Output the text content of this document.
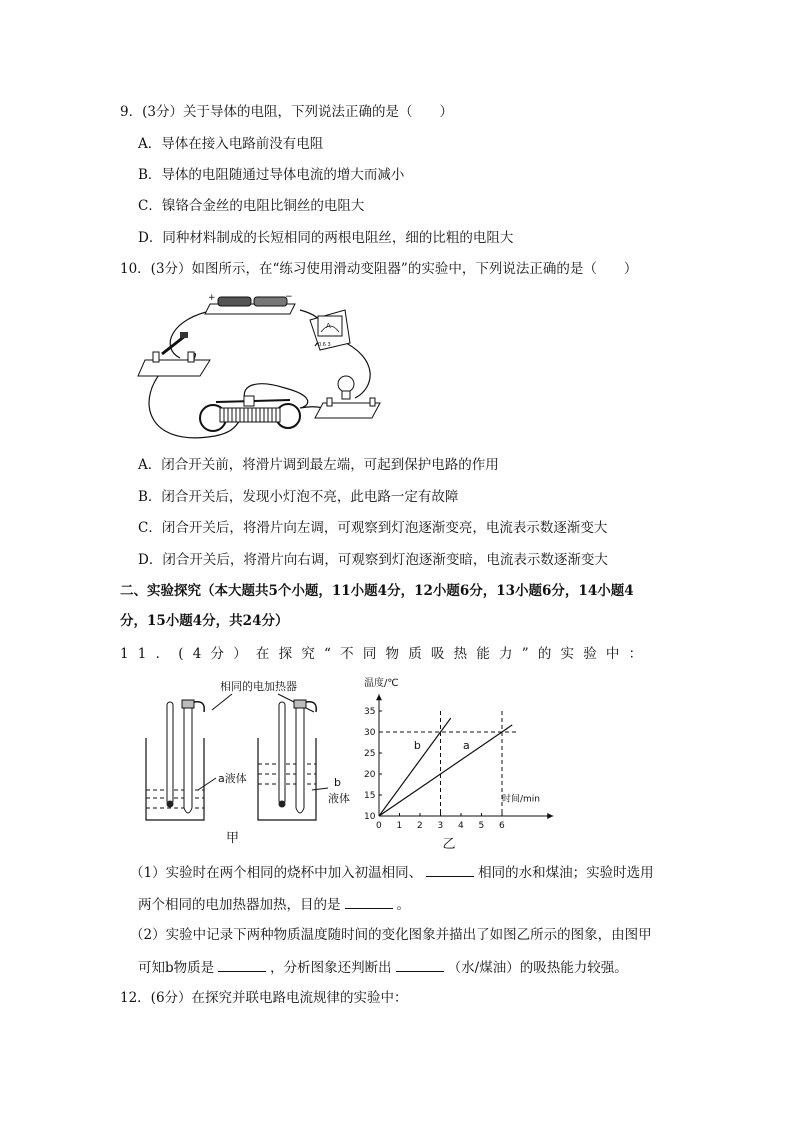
9．(3分）关于导体的电阻，下列说法正确的是（　　）
A．导体在接入电路前没有电阻
B．导体的电阻随通过导体电流的增大而减小
C．镍铬合金丝的电阻比铜丝的电阻大
D．同种材料制成的长短相同的两根电阻丝，细的比粗的电阻大
10．(3分）如图所示，在“练习使用滑动变阻器”的实验中，下列说法正确的是（　　）
+	−
A
0.6 3
A．闭合开关前，将滑片调到最左端，可起到保护电路的作用
B．闭合开关后，发现小灯泡不亮，此电路一定有故障
C．闭合开关后，将滑片向左调，可观察到灯泡逐渐变亮，电流表示数逐渐变大
D．闭合开关后，将滑片向右调，可观察到灯泡逐渐变暗，电流表示数逐渐变大
二、实验探究（本大题共5个小题，11小题4分，12小题6分，13小题6分，14小题4
分，15小题4分，共24分）
11．(4分）在探究“不同物质吸热能力”的实验中：
相同的电加热器
a液体	b
液体
甲
0 1 2 3 4 5 6
15
20
25
30
35
10
b	a
温度/℃
时间/min
乙
（1）实验时在两个相同的烧杯中加入初温相同、	相同的水和煤油；实验时选用
两个相同的电加热器加热，目的是	。
（2）实验中记录下两种物质温度随时间的变化图象并描出了如图乙所示的图象，由图甲
可知b物质是	，分析图象还判断出	（水/煤油）的吸热能力较强。
12．(6分）在探究并联电路电流规律的实验中：
